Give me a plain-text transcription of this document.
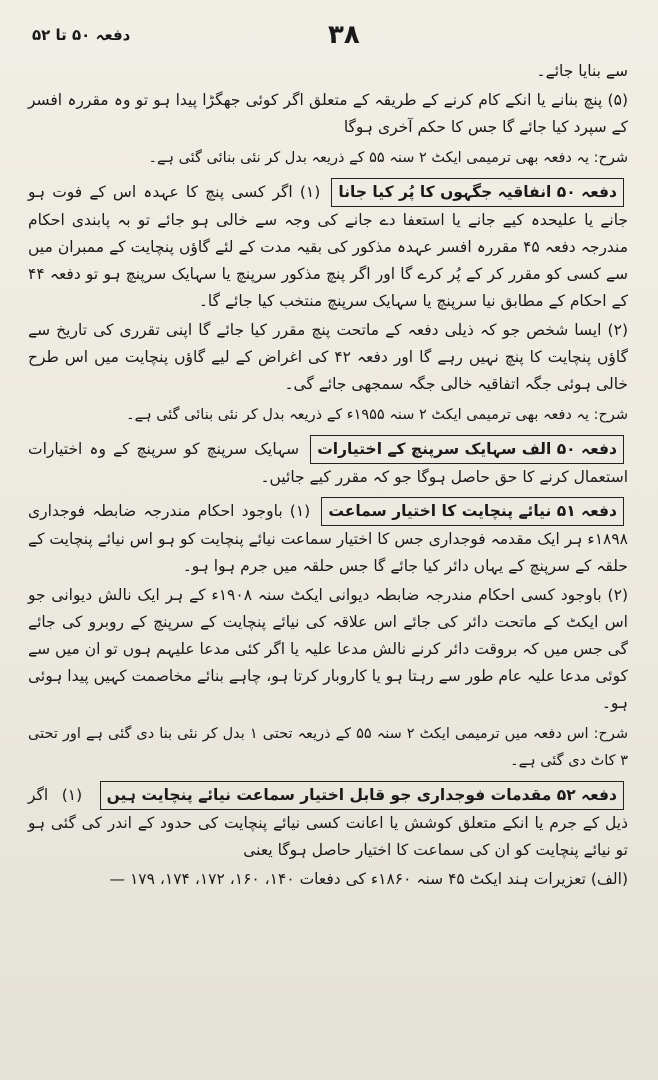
۳۸
دفعہ ۵۰ تا ۵۲

سے بنایا جائے۔

(۵) پنچ بنانے یا انکے کام کرنے کے طریقہ کے متعلق اگر کوئی جھگڑا پیدا ہو تو وہ مقررہ افسر کے سپرد کیا جائے گا جس کا حکم آخری ہوگا

شرح: یہ دفعہ بھی ترمیمی ایکٹ ۲ سنہ ۵۵ کے ذریعہ بدل کر نئی بنائی گئی ہے۔

دفعہ ۵۰ انفاقیہ جگہوں کا پُر کیا جانا (۱) اگر کسی پنچ کا عہدہ اس کے فوت ہو جانے یا علیحدہ کیے جانے یا استعفا دے جانے کی وجہ سے خالی ہو جائے تو بہ پابندی احکام مندرجہ دفعہ ۴۵ مقررہ افسر عہدہ مذکور کی بقیہ مدت کے لئے گاؤں پنچایت کے ممبران میں سے کسی کو مقرر کر کے پُر کرے گا اور اگر پنچ مذکور سرپنچ یا سہایک سرپنچ ہو تو دفعہ ۴۴ کے احکام کے مطابق نیا سرپنچ یا سہایک سرپنچ منتخب کیا جائے گا۔

(۲) ایسا شخص جو کہ ذیلی دفعہ کے ماتحت پنچ مقرر کیا جائے گا اپنی تقرری کی تاریخ سے گاؤں پنچایت کا پنچ نہیں رہے گا اور دفعہ ۴۲ کی اغراض کے لیے گاؤں پنچایت میں اس طرح خالی ہوئی جگہ اتفاقیہ خالی جگہ سمجھی جائے گی۔

شرح: یہ دفعہ بھی ترمیمی ایکٹ ۲ سنہ ۱۹۵۵ء کے ذریعہ بدل کر نئی بنائی گئی ہے۔

دفعہ ۵۰ الف سہایک سرپنچ کے اختیارات سہایک سرپنچ کو سرپنچ کے وہ اختیارات استعمال کرنے کا حق حاصل ہوگا جو کہ مقرر کیے جائیں۔

دفعہ ۵۱ نیائے پنچایت کا اختیار سماعت (۱) باوجود احکام مندرجہ ضابطہ فوجداری ۱۸۹۸ء ہر ایک مقدمہ فوجداری جس کا اختیار سماعت نیائے پنچایت کو ہو اس نیائے پنچایت کے حلقہ کے سرپنچ کے یہاں دائر کیا جائے گا جس حلقہ میں جرم ہوا ہو۔

(۲) باوجود کسی احکام مندرجہ ضابطہ دیوانی ایکٹ سنہ ۱۹۰۸ء کے ہر ایک نالش دیوانی جو اس ایکٹ کے ماتحت دائر کی جائے اس علاقہ کی نیائے پنچایت کے سرپنچ کے روبرو کی جائے گی جس میں کہ بروقت دائر کرنے نالش مدعا علیہ یا اگر کئی مدعا علیہم ہوں تو ان میں سے کوئی مدعا علیہ عام طور سے رہتا ہو یا کاروبار کرتا ہو، چاہے بنائے مخاصمت کہیں پیدا ہوئی ہو۔

شرح: اس دفعہ میں ترمیمی ایکٹ ۲ سنہ ۵۵ کے ذریعہ تحتی ۱ بدل کر نئی بنا دی گئی ہے اور تحتی ۳ کاٹ دی گئی ہے۔

دفعہ ۵۲ مقدمات فوجداری جو قابل اختیار سماعت نیائے پنچایت ہیں (۱) اگر ذیل کے جرم یا انکے متعلق کوشش یا اعانت کسی نیائے پنچایت کی حدود کے اندر کی گئی ہو تو نیائے پنچایت کو ان کی سماعت کا اختیار حاصل ہوگا یعنی

(الف) تعزیرات ہند ایکٹ ۴۵ سنہ ۱۸۶۰ء کی دفعات ۱۴۰، ۱۶۰، ۱۷۲، ۱۷۴، ۱۷۹ —
